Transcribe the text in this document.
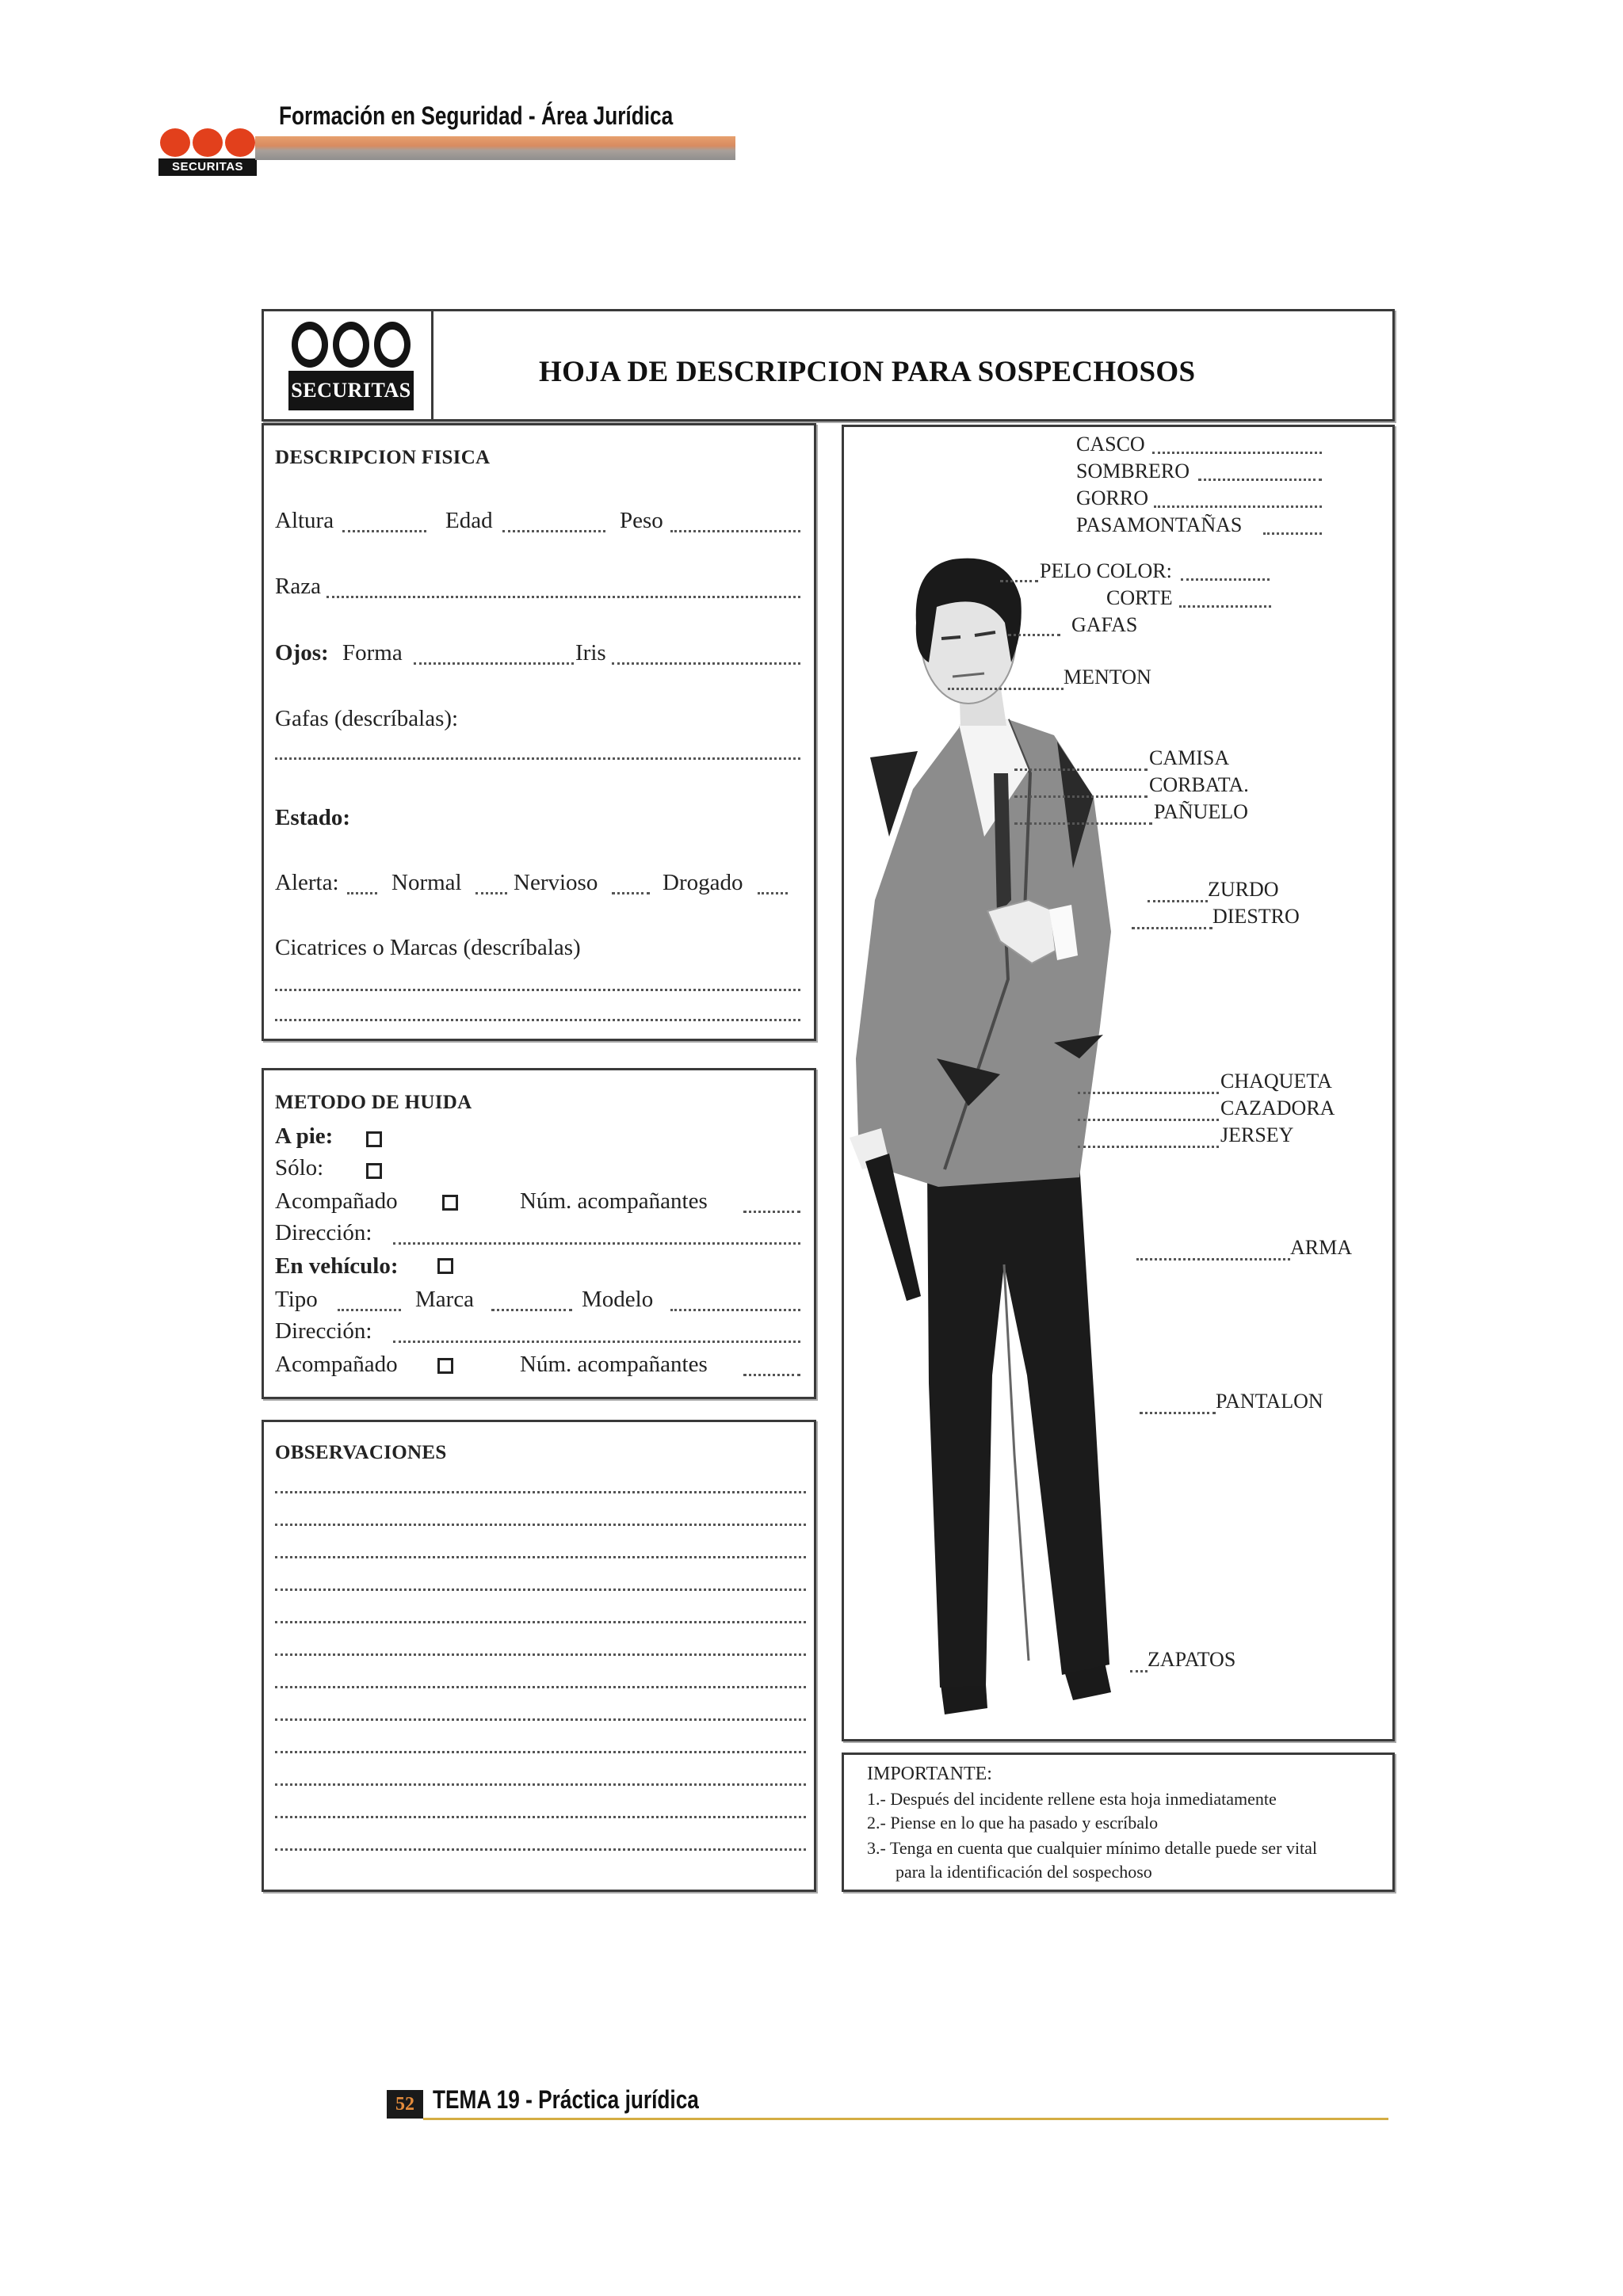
SECURITAS
Formación en Seguridad - Área Jurídica
SECURITAS
HOJA DE DESCRIPCION PARA SOSPECHOSOS
DESCRIPCION FISICA
Altura	Edad	Peso
Raza
Ojos: Forma	Iris
Gafas (descríbalas):
Estado:
Alerta: Normal Nervioso	Drogado
Cicatrices o Marcas (descríbalas)
METODO DE HUIDA
A pie:
Sólo:
Acompañado	Núm. acompañantes
Dirección:
En vehículo:
Tipo	Marca	Modelo
Dirección:
Acompañado	Núm. acompañantes
OBSERVACIONES
CASCO
SOMBRERO
GORRO
PASAMONTAÑAS
PELO COLOR:
CORTE
GAFAS
MENTON
CAMISA
CORBATA.
PAÑUELO
ZURDO
DIESTRO
CHAQUETA
CAZADORA
JERSEY
ARMA
PANTALON
ZAPATOS
IMPORTANTE:
1.- Después del incidente rellene esta hoja inmediatamente
2.- Piense en lo que ha pasado y escríbalo
3.- Tenga en cuenta que cualquier mínimo detalle puede ser vital
para la identificación del sospechoso
52 TEMA 19 - Práctica jurídica
